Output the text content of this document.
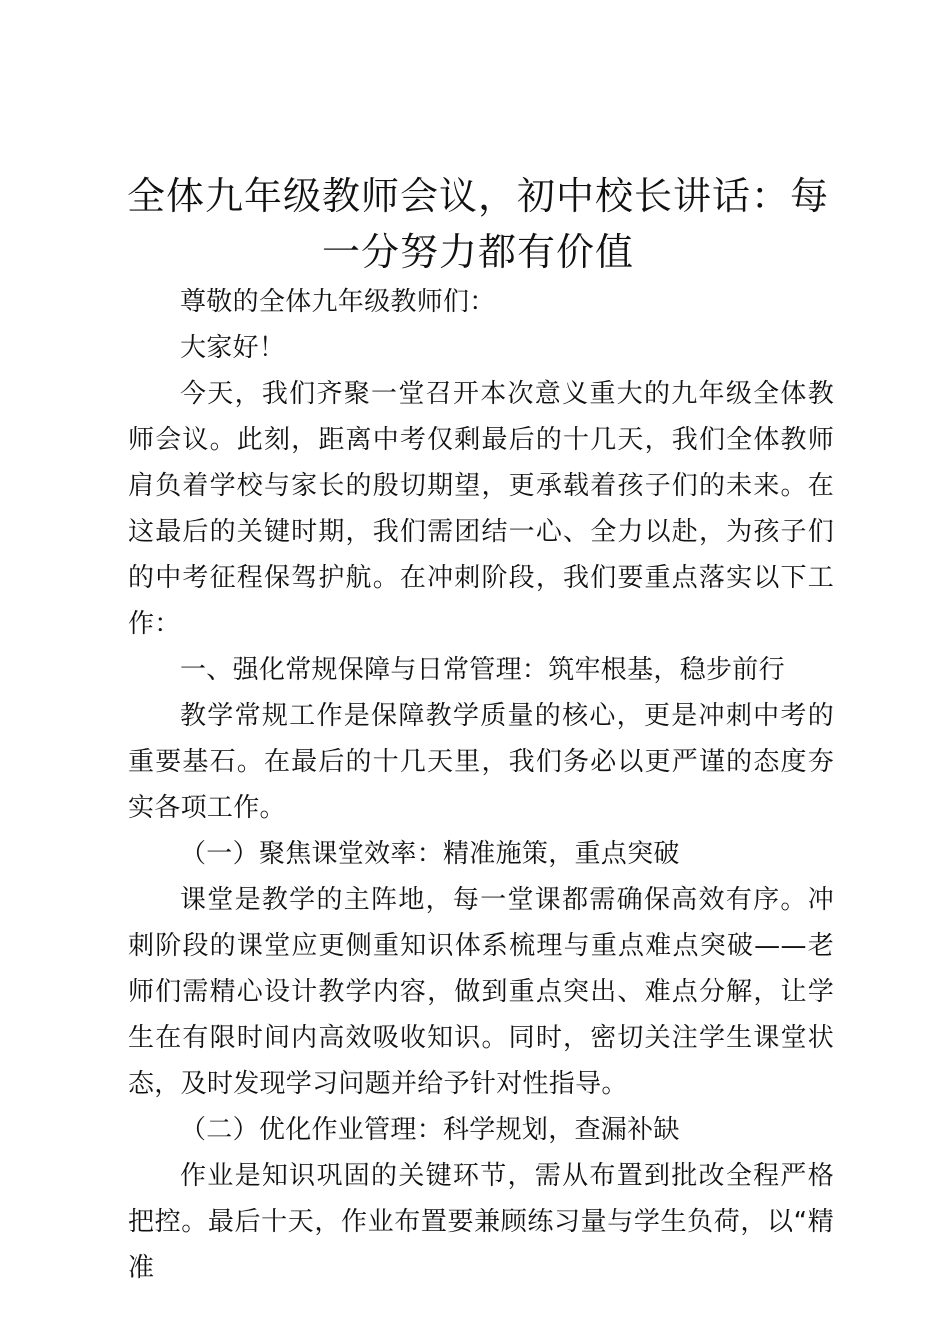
全体九年级教师会议，初中校长讲话：每一分努力都有价值

尊敬的全体九年级教师们：

大家好！

今天，我们齐聚一堂召开本次意义重大的九年级全体教师会议。此刻，距离中考仅剩最后的十几天，我们全体教师肩负着学校与家长的殷切期望，更承载着孩子们的未来。在这最后的关键时期，我们需团结一心、全力以赴，为孩子们的中考征程保驾护航。在冲刺阶段，我们要重点落实以下工作：

一、强化常规保障与日常管理：筑牢根基，稳步前行

教学常规工作是保障教学质量的核心，更是冲刺中考的重要基石。在最后的十几天里，我们务必以更严谨的态度夯实各项工作。

（一）聚焦课堂效率：精准施策，重点突破

课堂是教学的主阵地，每一堂课都需确保高效有序。冲刺阶段的课堂应更侧重知识体系梳理与重点难点突破——老师们需精心设计教学内容，做到重点突出、难点分解，让学生在有限时间内高效吸收知识。同时，密切关注学生课堂状态，及时发现学习问题并给予针对性指导。

（二）优化作业管理：科学规划，查漏补缺

作业是知识巩固的关键环节，需从布置到批改全程严格把控。最后十天，作业布置要兼顾练习量与学生负荷，以“精准
